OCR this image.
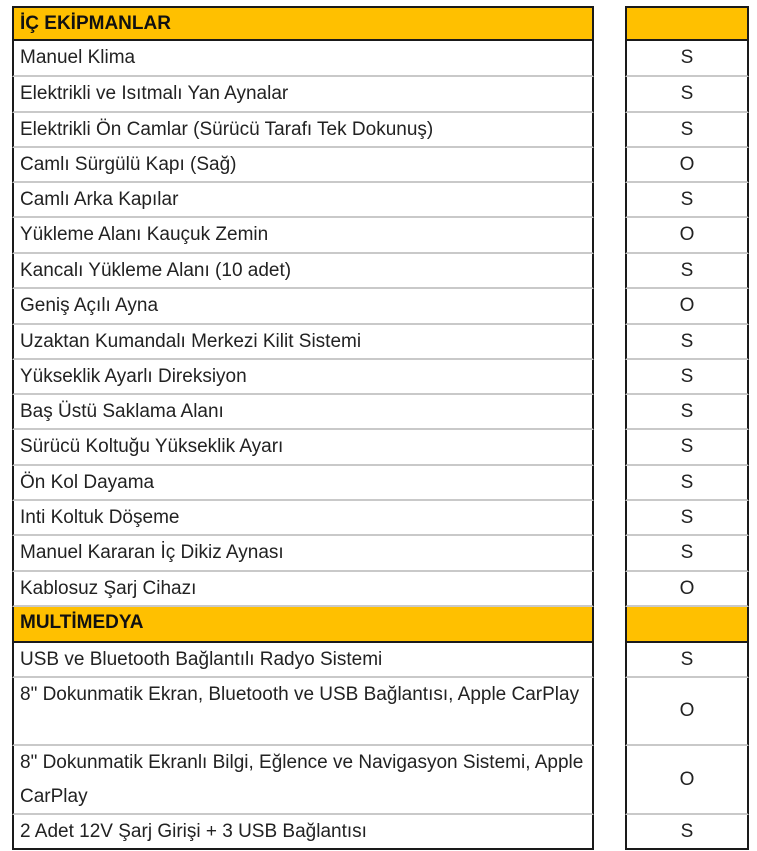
İÇ EKİPMANLAR
Manuel Klima
Elektrikli ve Isıtmalı Yan Aynalar
Elektrikli Ön Camlar (Sürücü Tarafı Tek Dokunuş)
Camlı Sürgülü Kapı (Sağ)
Camlı Arka Kapılar
Yükleme Alanı Kauçuk Zemin
Kancalı Yükleme Alanı (10 adet)
Geniş Açılı Ayna
Uzaktan Kumandalı Merkezi Kilit Sistemi
Yükseklik Ayarlı Direksiyon
Baş Üstü Saklama Alanı
Sürücü Koltuğu Yükseklik Ayarı
Ön Kol Dayama
Inti Koltuk Döşeme
Manuel Kararan İç Dikiz Aynası
Kablosuz Şarj Cihazı
MULTİMEDYA
USB ve Bluetooth Bağlantılı Radyo Sistemi
8" Dokunmatik Ekran, Bluetooth ve USB Bağlantısı, Apple CarPlay
8" Dokunmatik Ekranlı Bilgi, Eğlence ve Navigasyon Sistemi, Apple CarPlay
2 Adet 12V Şarj Girişi + 3 USB Bağlantısı
S
S
S
O
S
O
S
O
S
S
S
S
S
S
S
O
S
O
O
S
